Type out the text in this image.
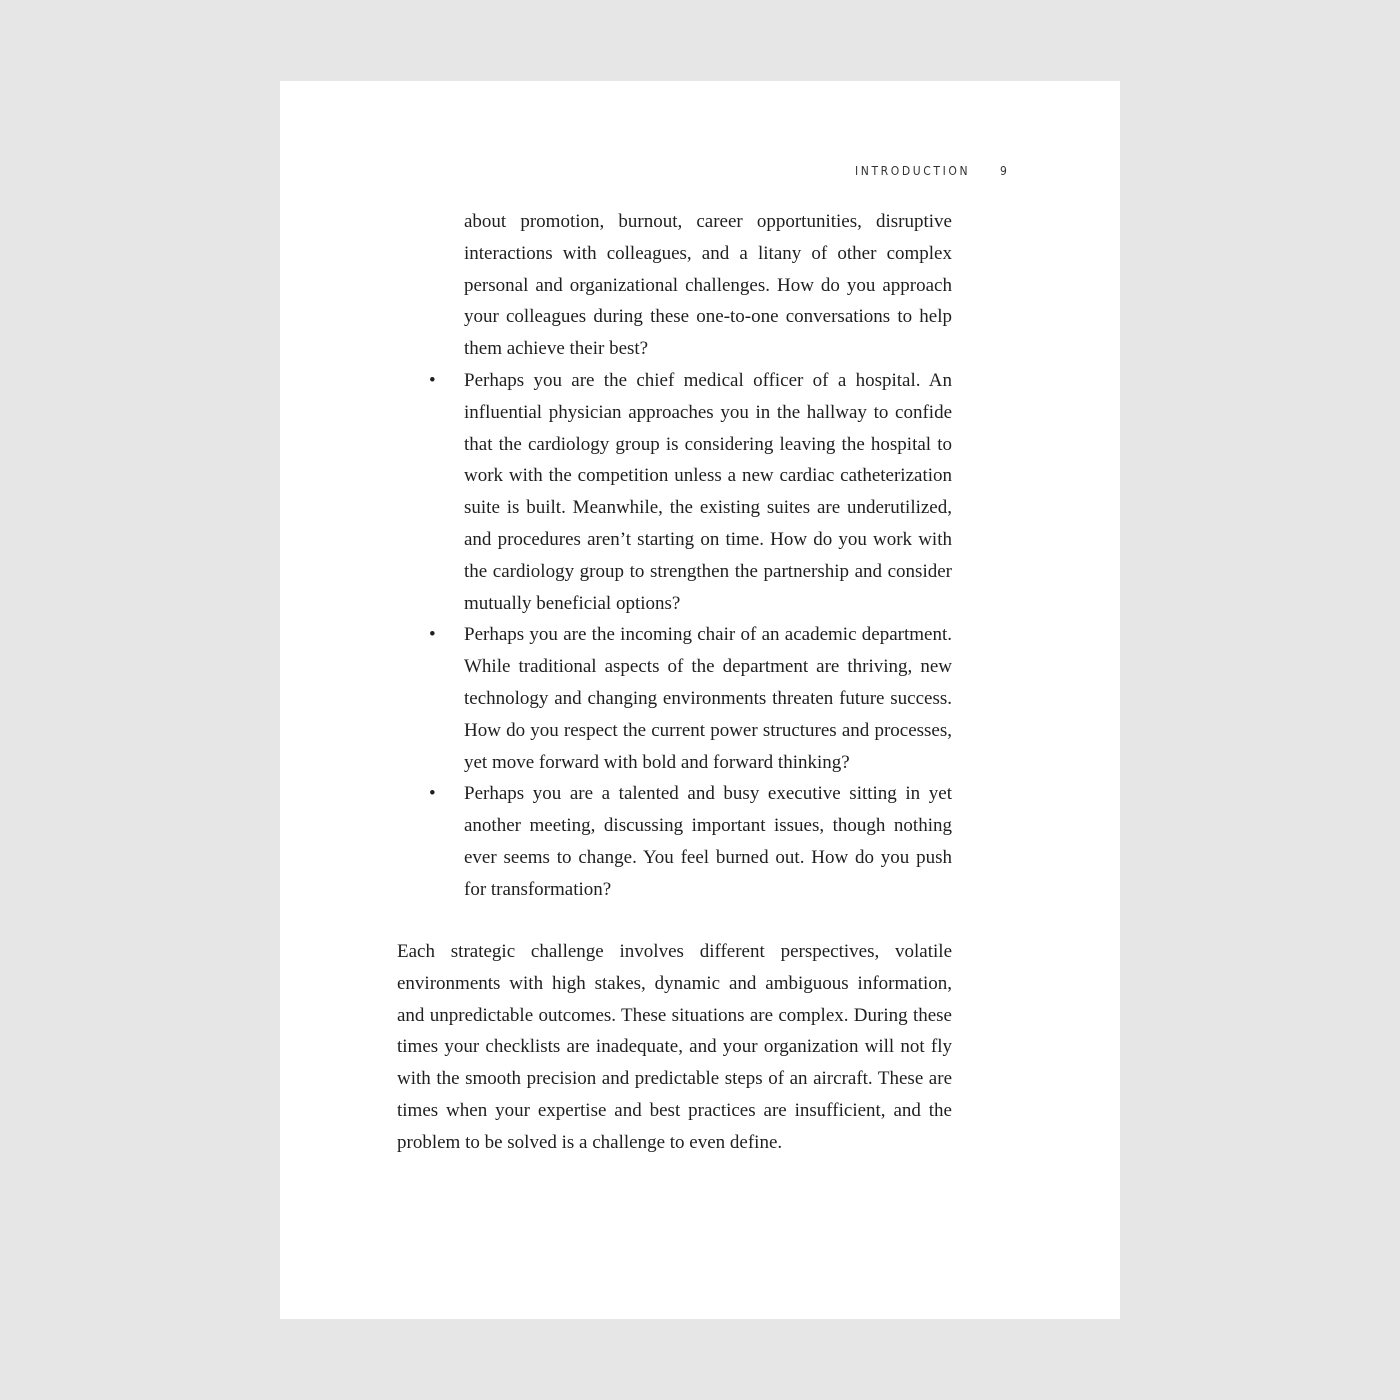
INTRODUCTION 9

about promotion, burnout, career opportunities, disruptive interactions with colleagues, and a litany of other complex personal and organizational challenges. How do you approach your colleagues during these one-to-one conversations to help them achieve their best?

• Perhaps you are the chief medical officer of a hospital. An influential physician approaches you in the hallway to confide that the cardiology group is considering leaving the hospital to work with the competition unless a new cardiac catheterization suite is built. Meanwhile, the existing suites are underutilized, and procedures aren’t starting on time. How do you work with the cardiology group to strengthen the partnership and consider mutually beneficial options?

• Perhaps you are the incoming chair of an academic department. While traditional aspects of the department are thriving, new technology and changing environments threaten future success. How do you respect the current power structures and processes, yet move forward with bold and forward thinking?

• Perhaps you are a talented and busy executive sitting in yet another meeting, discussing important issues, though nothing ever seems to change. You feel burned out. How do you push for transformation?

Each strategic challenge involves different perspectives, volatile environments with high stakes, dynamic and ambiguous information, and unpredictable outcomes. These situations are complex. During these times your checklists are inadequate, and your organization will not fly with the smooth precision and predictable steps of an aircraft. These are times when your expertise and best practices are insufficient, and the problem to be solved is a challenge to even define.
